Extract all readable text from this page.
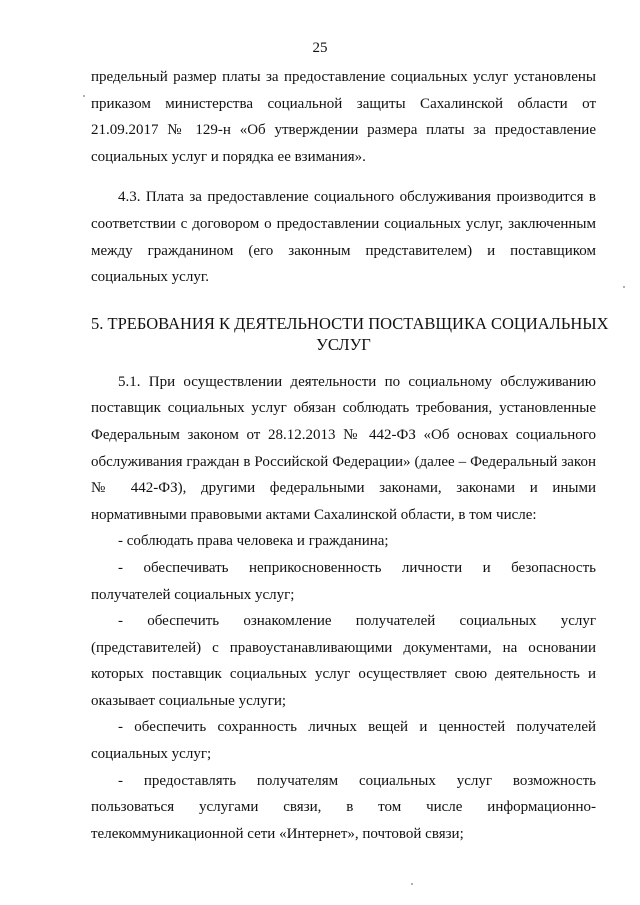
25
предельный размер платы за предоставление социальных услуг установлены
приказом министерства социальной защиты Сахалинской области от
21.09.2017 № 129-н «Об утверждении размера платы за предоставление
социальных услуг и порядка ее взимания».
4.3. Плата за предоставление социального обслуживания производится в
соответствии с договором о предоставлении социальных услуг, заключенным
между гражданином (его законным представителем) и поставщиком
социальных услуг.
5. ТРЕБОВАНИЯ К ДЕЯТЕЛЬНОСТИ ПОСТАВЩИКА СОЦИАЛЬНЫХ
УСЛУГ
5.1. При осуществлении деятельности по социальному обслуживанию
поставщик социальных услуг обязан соблюдать требования, установленные
Федеральным законом от 28.12.2013 № 442-ФЗ «Об основах социального
обслуживания граждан в Российской Федерации» (далее – Федеральный закон
№ 442-ФЗ), другими федеральными законами, законами и иными
нормативными правовыми актами Сахалинской области, в том числе:
- соблюдать права человека и гражданина;
- обеспечивать неприкосновенность личности и безопасность
получателей социальных услуг;
- обеспечить ознакомление получателей социальных услуг
(представителей) с правоустанавливающими документами, на основании
которых поставщик социальных услуг осуществляет свою деятельность и
оказывает социальные услуги;
- обеспечить сохранность личных вещей и ценностей получателей
социальных услуг;
- предоставлять получателям социальных услуг возможность
пользоваться услугами связи, в том числе информационно-
телекоммуникационной сети «Интернет», почтовой связи;
